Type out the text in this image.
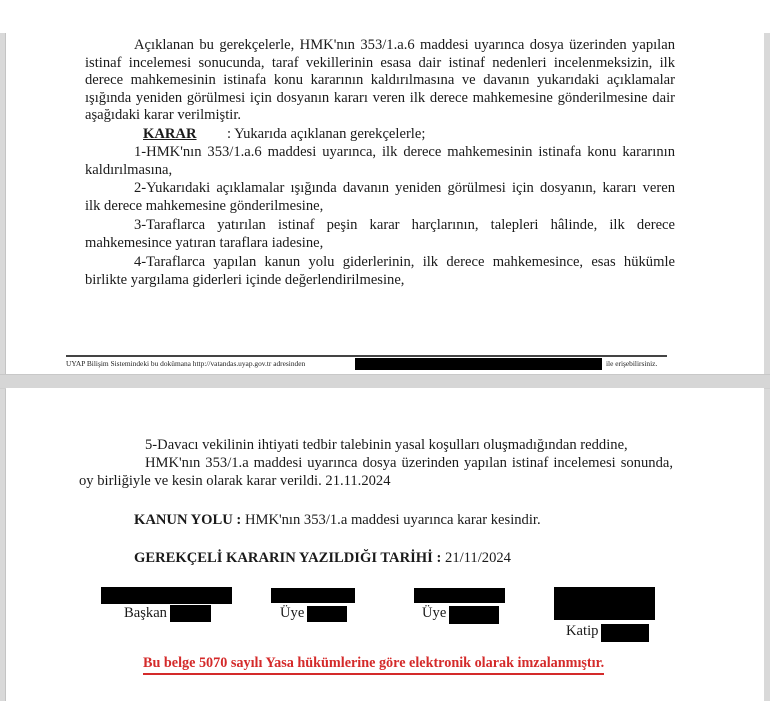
Açıklanan bu gerekçelerle, HMK'nın 353/1.a.6 maddesi uyarınca dosya üzerinden yapılan
istinaf incelemesi sonucunda, taraf vekillerinin esasa dair istinaf nedenleri incelenmeksizin, ilk
derece mahkemesinin istinafa konu kararının kaldırılmasına ve davanın yukarıdaki açıklamalar
ışığında yeniden görülmesi için dosyanın kararı veren ilk derece mahkemesine gönderilmesine dair
aşağıdaki karar verilmiştir.
KARAR : Yukarıda açıklanan gerekçelerle;
1-HMK'nın 353/1.a.6 maddesi uyarınca, ilk derece mahkemesinin istinafa konu kararının
kaldırılmasına,
2-Yukarıdaki açıklamalar ışığında davanın yeniden görülmesi için dosyanın, kararı veren
ilk derece mahkemesine gönderilmesine,
3-Taraflarca yatırılan istinaf peşin karar harçlarının, talepleri hâlinde, ilk derece
mahkemesince yatıran taraflara iadesine,
4-Taraflarca yapılan kanun yolu giderlerinin, ilk derece mahkemesince, esas hükümle
birlikte yargılama giderleri içinde değerlendirilmesine,
UYAP Bilişim Sistemindeki bu dokümana http://vatandas.uyap.gov.tr adresinden	ile erişebilirsiniz.
5-Davacı vekilinin ihtiyati tedbir talebinin yasal koşulları oluşmadığından reddine,
HMK'nın 353/1.a maddesi uyarınca dosya üzerinden yapılan istinaf incelemesi sonunda,
oy birliğiyle ve kesin olarak karar verildi. 21.11.2024
KANUN YOLU : HMK'nın 353/1.a maddesi uyarınca karar kesindir.
GEREKÇELİ KARARIN YAZILDIĞI TARİHİ : 21/11/2024
Başkan	Üye	Üye
Katip
Bu belge 5070 sayılı Yasa hükümlerine göre elektronik olarak imzalanmıştır.
